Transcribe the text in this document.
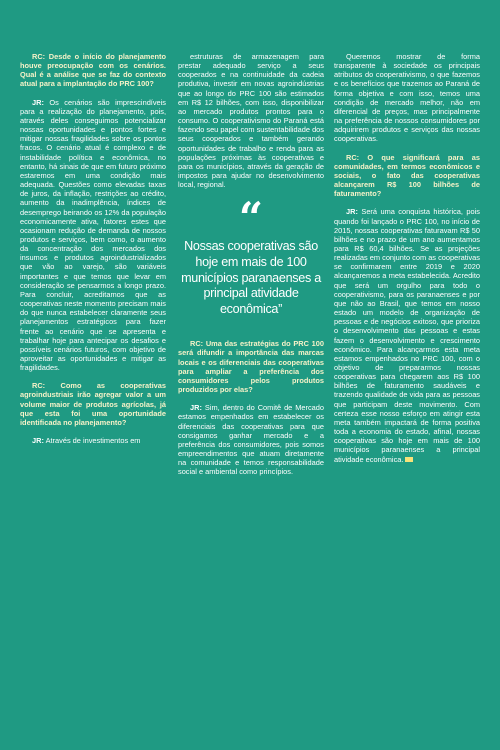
RC: Desde o início do planejamento houve preocupação com os cenários. Qual é a análise que se faz do contexto atual para a implantação do PRC 100?

JR: Os cenários são imprescindíveis para a realização do planejamento, pois, através deles conseguimos potencializar nossas oportunidades e pontos fortes e mitigar nossas fragilidades sobre os pontos fracos. O cenário atual é complexo e de instabilidade política e econômica, no entanto, há sinais de que em futuro próximo estaremos em uma condição mais adequada. Questões como elevadas taxas de juros, da inflação, restrições ao crédito, aumento da inadimplência, índices de desemprego beirando os 12% da população economicamente ativa, fatores estes que ocasionam redução de demanda de nossos produtos e serviços, bem como, o aumento da concentração dos mercados dos insumos e produtos agroindustrializados que vão ao varejo, são variáveis importantes e que temos que levar em consideração se pensarmos a longo prazo. Para concluir, acreditamos que as cooperativas neste momento precisam mais do que nunca estabelecer claramente seus planejamentos estratégicos para fazer frente ao cenário que se apresenta e trabalhar hoje para antecipar os desafios e possíveis cenários futuros, com objetivo de aproveitar as oportunidades e mitigar as fragilidades.

RC: Como as cooperativas agroindustriais irão agregar valor a um volume maior de produtos agrícolas, já que esta foi uma oportunidade identificada no planejamento?

JR: Através de investimentos em

estruturas de armazenagem para prestar adequado serviço a seus cooperados e na continuidade da cadeia produtiva, investir em novas agroindústrias que ao longo do PRC 100 são estimados em R$ 12 bilhões, com isso, disponibilizar ao mercado produtos prontos para o consumo. O cooperativismo do Paraná está fazendo seu papel com sustentabilidade dos seus cooperados e também gerando oportunidades de trabalho e renda para as populações próximas às cooperativas e para os municípios, através da geração de impostos para ajudar no desenvolvimento local, regional.

“
Nossas cooperativas são hoje em mais de 100 municípios paranaenses a principal atividade econômica”

RC: Uma das estratégias do PRC 100 será difundir a importância das marcas locais e os diferenciais das cooperativas para ampliar a preferência dos consumidores pelos produtos produzidos por elas?

JR: Sim, dentro do Comitê de Mercado estamos empenhados em estabelecer os diferenciais das cooperativas para que consigamos ganhar mercado e a preferência dos consumidores, pois somos empreendimentos que atuam diretamente na comunidade e temos responsabilidade social e ambiental como princípios.

Queremos mostrar de forma transparente à sociedade os principais atributos do cooperativismo, o que fazemos e os benefícios que trazemos ao Paraná de forma objetiva e com isso, temos uma condição de mercado melhor, não em diferencial de preços, mas principalmente na preferência de nossos consumidores por adquirirem produtos e serviços das nossas cooperativas.

RC: O que significará para as comunidades, em termos econômicos e sociais, o fato das cooperativas alcançarem R$ 100 bilhões de faturamento?

JR: Será uma conquista histórica, pois quando foi lançado o PRC 100, no início de 2015, nossas cooperativas faturavam R$ 50 bilhões e no prazo de um ano aumentamos para R$ 60,4 bilhões. Se as projeções realizadas em conjunto com as cooperativas se confirmarem entre 2019 e 2020 alcançaremos a meta estabelecida. Acredito que será um orgulho para todo o cooperativismo, para os paranaenses e por que não ao Brasil, que temos em nosso estado um modelo de organização de pessoas e de negócios exitoso, que prioriza o desenvolvimento das pessoas e estas fazem o desenvolvimento e crescimento econômico. Para alcançarmos esta meta estamos empenhados no PRC 100, com o objetivo de prepararmos nossas cooperativas para chegarem aos R$ 100 bilhões de faturamento saudáveis e trazendo qualidade de vida para as pessoas que participam deste movimento. Com certeza esse nosso esforço em atingir esta meta também impactará de forma positiva toda a economia do estado, afinal, nossas cooperativas são hoje em mais de 100 municípios paranaenses a principal atividade econômica.
